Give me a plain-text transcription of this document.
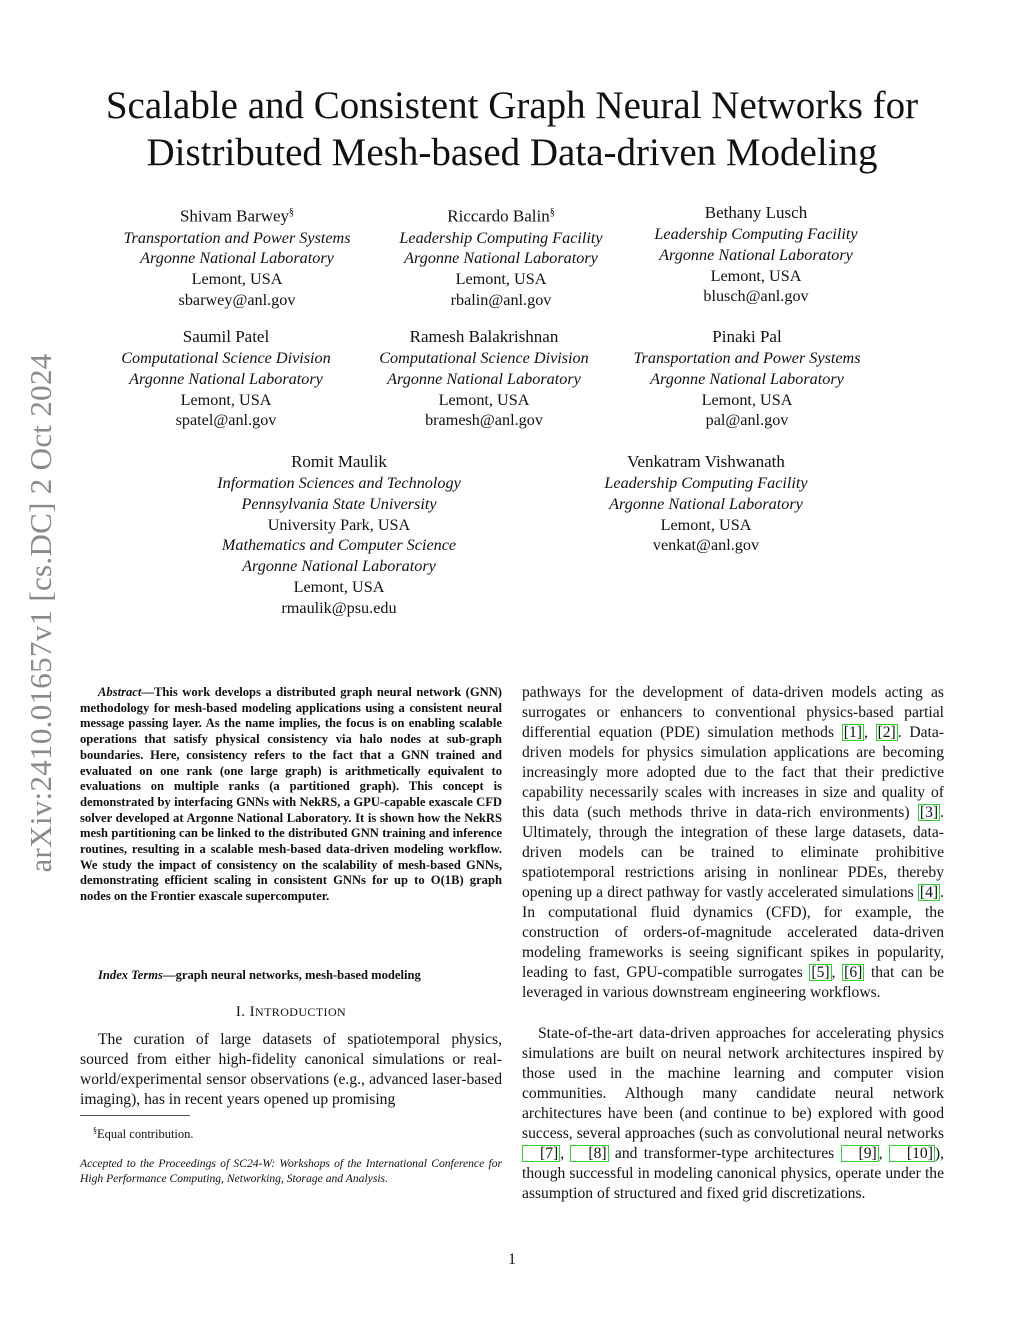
arXiv:2410.01657v1 [cs.DC] 2 Oct 2024
Scalable and Consistent Graph Neural Networks for
Distributed Mesh-based Data-driven Modeling
Shivam Barwey§
Transportation and Power Systems
Argonne National Laboratory
Lemont, USA
sbarwey@anl.gov
Riccardo Balin§
Leadership Computing Facility
Argonne National Laboratory
Lemont, USA
rbalin@anl.gov
Bethany Lusch
Leadership Computing Facility
Argonne National Laboratory
Lemont, USA
blusch@anl.gov
Saumil Patel
Computational Science Division
Argonne National Laboratory
Lemont, USA
spatel@anl.gov
Ramesh Balakrishnan
Computational Science Division
Argonne National Laboratory
Lemont, USA
bramesh@anl.gov
Pinaki Pal
Transportation and Power Systems
Argonne National Laboratory
Lemont, USA
pal@anl.gov
Romit Maulik
Information Sciences and Technology
Pennsylvania State University
University Park, USA
Mathematics and Computer Science
Argonne National Laboratory
Lemont, USA
rmaulik@psu.edu
Venkatram Vishwanath
Leadership Computing Facility
Argonne National Laboratory
Lemont, USA
venkat@anl.gov
Abstract—This work develops a distributed graph neural network (GNN) methodology for mesh-based modeling applications using a consistent neural message passing layer. As the name implies, the focus is on enabling scalable operations that satisfy physical consistency via halo nodes at sub-graph boundaries. Here, consistency refers to the fact that a GNN trained and evaluated on one rank (one large graph) is arithmetically equivalent to evaluations on multiple ranks (a partitioned graph). This concept is demonstrated by interfacing GNNs with NekRS, a GPU-capable exascale CFD solver developed at Argonne National Laboratory. It is shown how the NekRS mesh partitioning can be linked to the distributed GNN training and inference routines, resulting in a scalable mesh-based data-driven modeling workflow. We study the impact of consistency on the scalability of mesh-based GNNs, demonstrating efficient scaling in consistent GNNs for up to O(1B) graph nodes on the Frontier exascale supercomputer.
Index Terms—graph neural networks, mesh-based modeling
I. INTRODUCTION
The curation of large datasets of spatiotemporal physics, sourced from either high-fidelity canonical simulations or real-world/experimental sensor observations (e.g., advanced laser-based imaging), has in recent years opened up promising
§Equal contribution.
Accepted to the Proceedings of SC24-W: Workshops of the International Conference for High Performance Computing, Networking, Storage and Analysis.
pathways for the development of data-driven models acting as surrogates or enhancers to conventional physics-based partial differential equation (PDE) simulation methods [1] , [2] . Data-driven models for physics simulation applications are becoming increasingly more adopted due to the fact that their predictive capability necessarily scales with increases in size and quality of this data (such methods thrive in data-rich environments) [3] . Ultimately, through the integration of these large datasets, data-driven models can be trained to eliminate prohibitive spatiotemporal restrictions arising in nonlinear PDEs, thereby opening up a direct pathway for vastly accelerated simulations [4] . In computational fluid dynamics (CFD), for example, the construction of orders-of-magnitude accelerated data-driven modeling frameworks is seeing significant spikes in popularity, leading to fast, GPU-compatible surrogates [5] , [6] that can be leveraged in various downstream engineering workflows.
State-of-the-art data-driven approaches for accelerating physics simulations are built on neural network architectures inspired by those used in the machine learning and computer vision communities. Although many candidate neural network architectures have been (and continue to be) explored with good success, several approaches (such as convolutional neural networks [7] , [8] and transformer-type architectures [9] , [10] ), though successful in modeling canonical physics, operate under the assumption of structured and fixed grid discretizations.
1
